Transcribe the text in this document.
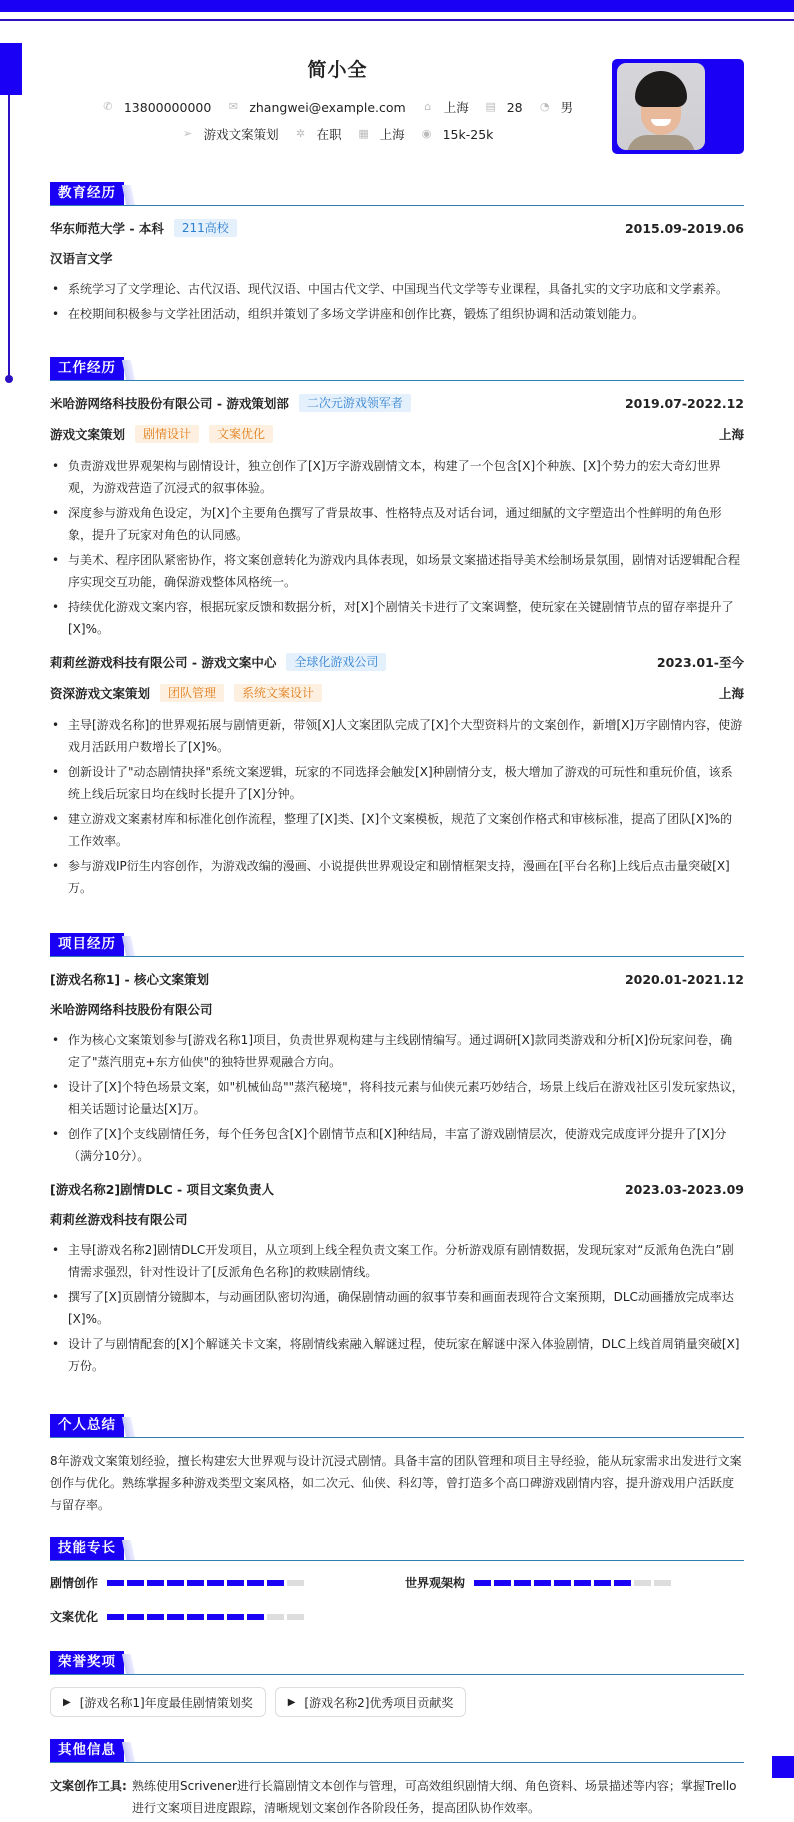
简小全
✆ 13800000000 ✉ zhangwei@example.com ⌂ 上海 ▤ 28 ◔ 男
➢ 游戏文案策划 ✲ 在职 ▦ 上海 ◉ 15k-25k
教育经历
华东师范大学 - 本科	211高校	2015.09-2019.06
汉语言文学
• 系统学习了文学理论、古代汉语、现代汉语、中国古代文学、中国现当代文学等专业课程，具备扎实的文字功底和文学素养。
• 在校期间积极参与文学社团活动，组织并策划了多场文学讲座和创作比赛，锻炼了组织协调和活动策划能力。
工作经历
米哈游网络科技股份有限公司 - 游戏策划部	二次元游戏领军者	2019.07-2022.12
游戏文案策划	剧情设计	文案优化	上海
• 负责游戏世界观架构与剧情设计，独立创作了[X]万字游戏剧情文本，构建了一个包含[X]个种族、[X]个势力的宏大奇幻世界观，为游戏营造了沉浸式的叙事体验。
• 深度参与游戏角色设定，为[X]个主要角色撰写了背景故事、性格特点及对话台词，通过细腻的文字塑造出个性鲜明的角色形象，提升了玩家对角色的认同感。
• 与美术、程序团队紧密协作，将文案创意转化为游戏内具体表现，如场景文案描述指导美术绘制场景氛围，剧情对话逻辑配合程序实现交互功能，确保游戏整体风格统一。
• 持续优化游戏文案内容，根据玩家反馈和数据分析，对[X]个剧情关卡进行了文案调整，使玩家在关键剧情节点的留存率提升了[X]%。
莉莉丝游戏科技有限公司 - 游戏文案中心	全球化游戏公司	2023.01-至今
资深游戏文案策划	团队管理	系统文案设计	上海
• 主导[游戏名称]的世界观拓展与剧情更新，带领[X]人文案团队完成了[X]个大型资料片的文案创作，新增[X]万字剧情内容，使游戏月活跃用户数增长了[X]%。
• 创新设计了"动态剧情抉择"系统文案逻辑，玩家的不同选择会触发[X]种剧情分支，极大增加了游戏的可玩性和重玩价值，该系统上线后玩家日均在线时长提升了[X]分钟。
• 建立游戏文案素材库和标准化创作流程，整理了[X]类、[X]个文案模板，规范了文案创作格式和审核标准，提高了团队[X]%的工作效率。
• 参与游戏IP衍生内容创作，为游戏改编的漫画、小说提供世界观设定和剧情框架支持，漫画在[平台名称]上线后点击量突破[X]万。
项目经历
[游戏名称1] - 核心文案策划	2020.01-2021.12
米哈游网络科技股份有限公司
• 作为核心文案策划参与[游戏名称1]项目，负责世界观构建与主线剧情编写。通过调研[X]款同类游戏和分析[X]份玩家问卷，确定了"蒸汽朋克+东方仙侠"的独特世界观融合方向。
• 设计了[X]个特色场景文案，如"机械仙岛""蒸汽秘境"，将科技元素与仙侠元素巧妙结合，场景上线后在游戏社区引发玩家热议，相关话题讨论量达[X]万。
• 创作了[X]个支线剧情任务，每个任务包含[X]个剧情节点和[X]种结局，丰富了游戏剧情层次，使游戏完成度评分提升了[X]分（满分10分）。
[游戏名称2]剧情DLC - 项目文案负责人	2023.03-2023.09
莉莉丝游戏科技有限公司
• 主导[游戏名称2]剧情DLC开发项目，从立项到上线全程负责文案工作。分析游戏原有剧情数据，发现玩家对“反派角色洗白”剧情需求强烈，针对性设计了[反派角色名称]的救赎剧情线。
• 撰写了[X]页剧情分镜脚本，与动画团队密切沟通，确保剧情动画的叙事节奏和画面表现符合文案预期，DLC动画播放完成率达[X]%。
• 设计了与剧情配套的[X]个解谜关卡文案，将剧情线索融入解谜过程，使玩家在解谜中深入体验剧情，DLC上线首周销量突破[X]万份。
个人总结
8年游戏文案策划经验，擅长构建宏大世界观与设计沉浸式剧情。具备丰富的团队管理和项目主导经验，能从玩家需求出发进行文案创作与优化。熟练掌握多种游戏类型文案风格，如二次元、仙侠、科幻等，曾打造多个高口碑游戏剧情内容，提升游戏用户活跃度与留存率。
技能专长
剧情创作	世界观架构
文案优化
荣誉奖项
▶ [游戏名称1]年度最佳剧情策划奖	▶ [游戏名称2]优秀项目贡献奖
其他信息
文案创作工具: 熟练使用Scrivener进行长篇剧情文本创作与管理，可高效组织剧情大纲、角色资料、场景描述等内容；掌握Trello进行文案项目进度跟踪，清晰规划文案创作各阶段任务，提高团队协作效率。
